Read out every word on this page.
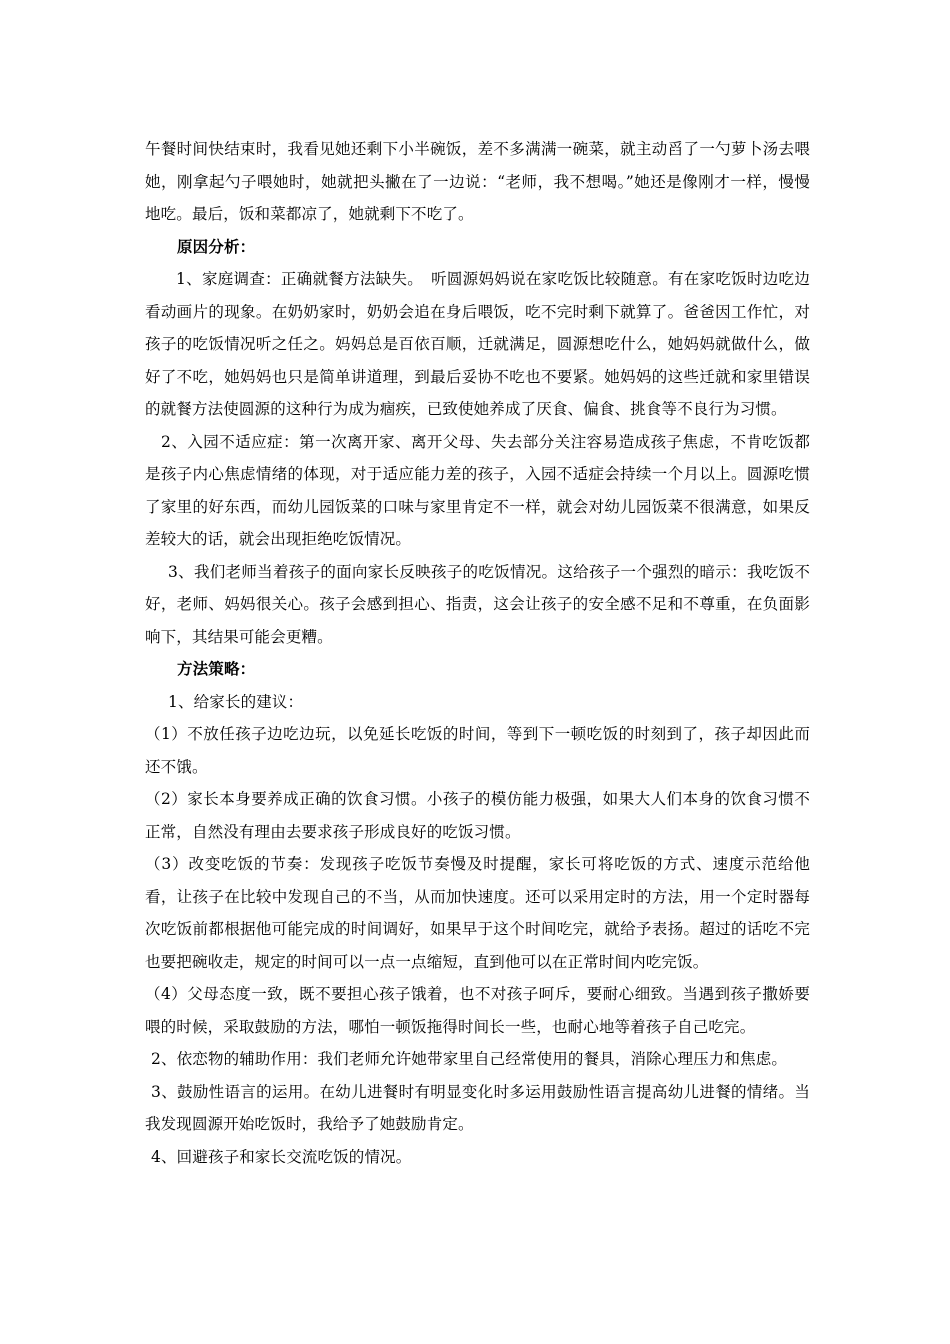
午餐时间快结束时，我看见她还剩下小半碗饭，差不多满满一碗菜，就主动舀了一勺萝卜汤去喂她，刚拿起勺子喂她时，她就把头撇在了一边说：“老师，我不想喝。”她还是像刚才一样，慢慢地吃。最后，饭和菜都凉了，她就剩下不吃了。

原因分析：

1、家庭调查：正确就餐方法缺失。　听圆源妈妈说在家吃饭比较随意。有在家吃饭时边吃边看动画片的现象。在奶奶家时，奶奶会追在身后喂饭，吃不完时剩下就算了。爸爸因工作忙，对孩子的吃饭情况听之任之。妈妈总是百依百顺，迁就满足，圆源想吃什么，她妈妈就做什么，做好了不吃，她妈妈也只是简单讲道理，到最后妥协不吃也不要紧。她妈妈的这些迁就和家里错误的就餐方法使圆源的这种行为成为痼疾，已致使她养成了厌食、偏食、挑食等不良行为习惯。

2、入园不适应症：第一次离开家、离开父母、失去部分关注容易造成孩子焦虑，不肯吃饭都是孩子内心焦虑情绪的体现，对于适应能力差的孩子，入园不适症会持续一个月以上。圆源吃惯了家里的好东西，而幼儿园饭菜的口味与家里肯定不一样，就会对幼儿园饭菜不很满意，如果反差较大的话，就会出现拒绝吃饭情况。

3、我们老师当着孩子的面向家长反映孩子的吃饭情况。这给孩子一个强烈的暗示：我吃饭不好，老师、妈妈很关心。孩子会感到担心、指责，这会让孩子的安全感不足和不尊重，在负面影响下，其结果可能会更糟。

方法策略：

1、给家长的建议：

（1）不放任孩子边吃边玩，以免延长吃饭的时间，等到下一顿吃饭的时刻到了，孩子却因此而还不饿。

（2）家长本身要养成正确的饮食习惯。小孩子的模仿能力极强，如果大人们本身的饮食习惯不正常，自然没有理由去要求孩子形成良好的吃饭习惯。

（3）改变吃饭的节奏：发现孩子吃饭节奏慢及时提醒，家长可将吃饭的方式、速度示范给他看，让孩子在比较中发现自己的不当，从而加快速度。还可以采用定时的方法，用一个定时器每次吃饭前都根据他可能完成的时间调好，如果早于这个时间吃完，就给予表扬。超过的话吃不完也要把碗收走，规定的时间可以一点一点缩短，直到他可以在正常时间内吃完饭。

（4）父母态度一致，既不要担心孩子饿着，也不对孩子呵斥，要耐心细致。当遇到孩子撒娇要喂的时候，采取鼓励的方法，哪怕一顿饭拖得时间长一些，也耐心地等着孩子自己吃完。

2、依恋物的辅助作用：我们老师允许她带家里自己经常使用的餐具，消除心理压力和焦虑。

3、鼓励性语言的运用。在幼儿进餐时有明显变化时多运用鼓励性语言提高幼儿进餐的情绪。当我发现圆源开始吃饭时，我给予了她鼓励肯定。

4、回避孩子和家长交流吃饭的情况。
